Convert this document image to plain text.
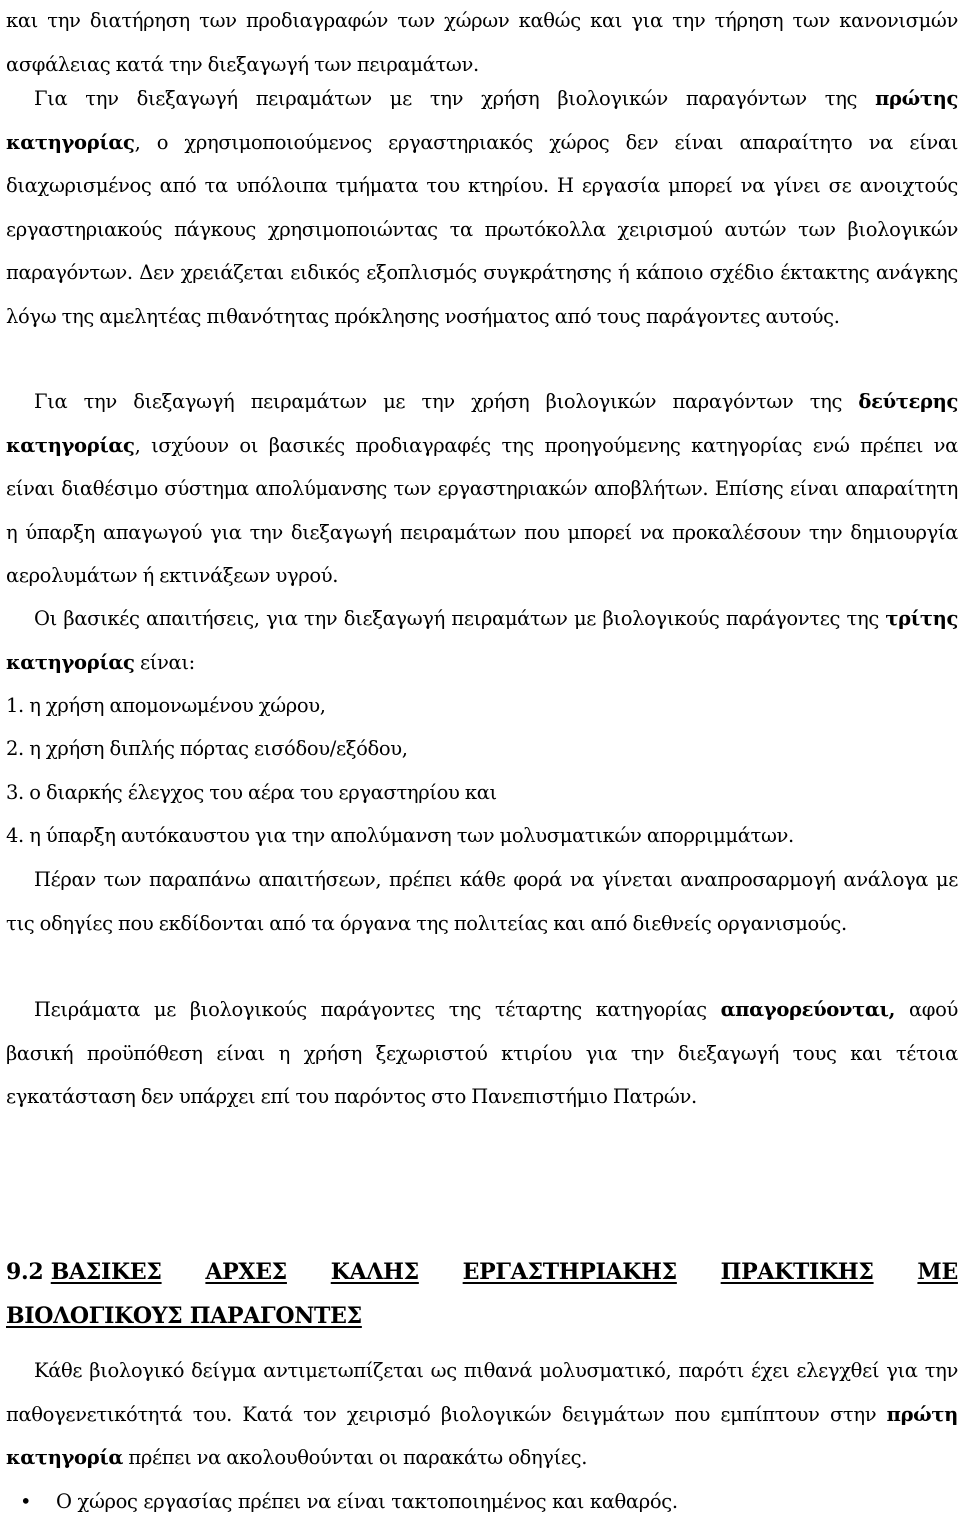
και την διατήρηση των προδιαγραφών των χώρων καθώς και για την τήρηση των κανονισμών ασφάλειας κατά την διεξαγωγή των πειραμάτων.

Για την διεξαγωγή πειραμάτων με την χρήση βιολογικών παραγόντων της πρώτης κατηγορίας, ο χρησιμοποιούμενος εργαστηριακός χώρος δεν είναι απαραίτητο να είναι διαχωρισμένος από τα υπόλοιπα τμήματα του κτηρίου. Η εργασία μπορεί να γίνει σε ανοιχτούς εργαστηριακούς πάγκους χρησιμοποιώντας τα πρωτόκολλα χειρισμού αυτών των βιολογικών παραγόντων. Δεν χρειάζεται ειδικός εξοπλισμός συγκράτησης ή κάποιο σχέδιο έκτακτης ανάγκης λόγω της αμελητέας πιθανότητας πρόκλησης νοσήματος από τους παράγοντες αυτούς.

Για την διεξαγωγή πειραμάτων με την χρήση βιολογικών παραγόντων της δεύτερης κατηγορίας, ισχύουν οι βασικές προδιαγραφές της προηγούμενης κατηγορίας ενώ πρέπει να είναι διαθέσιμο σύστημα απολύμανσης των εργαστηριακών αποβλήτων. Επίσης είναι απαραίτητη η ύπαρξη απαγωγού για την διεξαγωγή πειραμάτων που μπορεί να προκαλέσουν την δημιουργία αερολυμάτων ή εκτινάξεων υγρού.

Οι βασικές απαιτήσεις, για την διεξαγωγή πειραμάτων με βιολογικούς παράγοντες της τρίτης κατηγορίας είναι:

1. η χρήση απομονωμένου χώρου,

2. η χρήση διπλής πόρτας εισόδου/εξόδου,

3. ο διαρκής έλεγχος του αέρα του εργαστηρίου και

4. η ύπαρξη αυτόκαυστου για την απολύμανση των μολυσματικών απορριμμάτων.

Πέραν των παραπάνω απαιτήσεων, πρέπει κάθε φορά να γίνεται αναπροσαρμογή ανάλογα με τις οδηγίες που εκδίδονται από τα όργανα της πολιτείας και από διεθνείς οργανισμούς.

Πειράματα με βιολογικούς παράγοντες της τέταρτης κατηγορίας απαγορεύονται, αφού βασική προϋπόθεση είναι η χρήση ξεχωριστού κτιρίου για την διεξαγωγή τους και τέτοια εγκατάσταση δεν υπάρχει επί του παρόντος στο Πανεπιστήμιο Πατρών.

9.2 ΒΑΣΙΚΕΣ ΑΡΧΕΣ ΚΑΛΗΣ ΕΡΓΑΣΤΗΡΙΑΚΗΣ ΠΡΑΚΤΙΚΗΣ ΜΕ
ΒΙΟΛΟΓΙΚΟΥΣ ΠΑΡΑΓΟΝΤΕΣ

Κάθε βιολογικό δείγμα αντιμετωπίζεται ως πιθανά μολυσματικό, παρότι έχει ελεγχθεί για την παθογενετικότητά του. Κατά τον χειρισμό βιολογικών δειγμάτων που εμπίπτουν στην πρώτη κατηγορία πρέπει να ακολουθούνται οι παρακάτω οδηγίες.

• Ο χώρος εργασίας πρέπει να είναι τακτοποιημένος και καθαρός.
